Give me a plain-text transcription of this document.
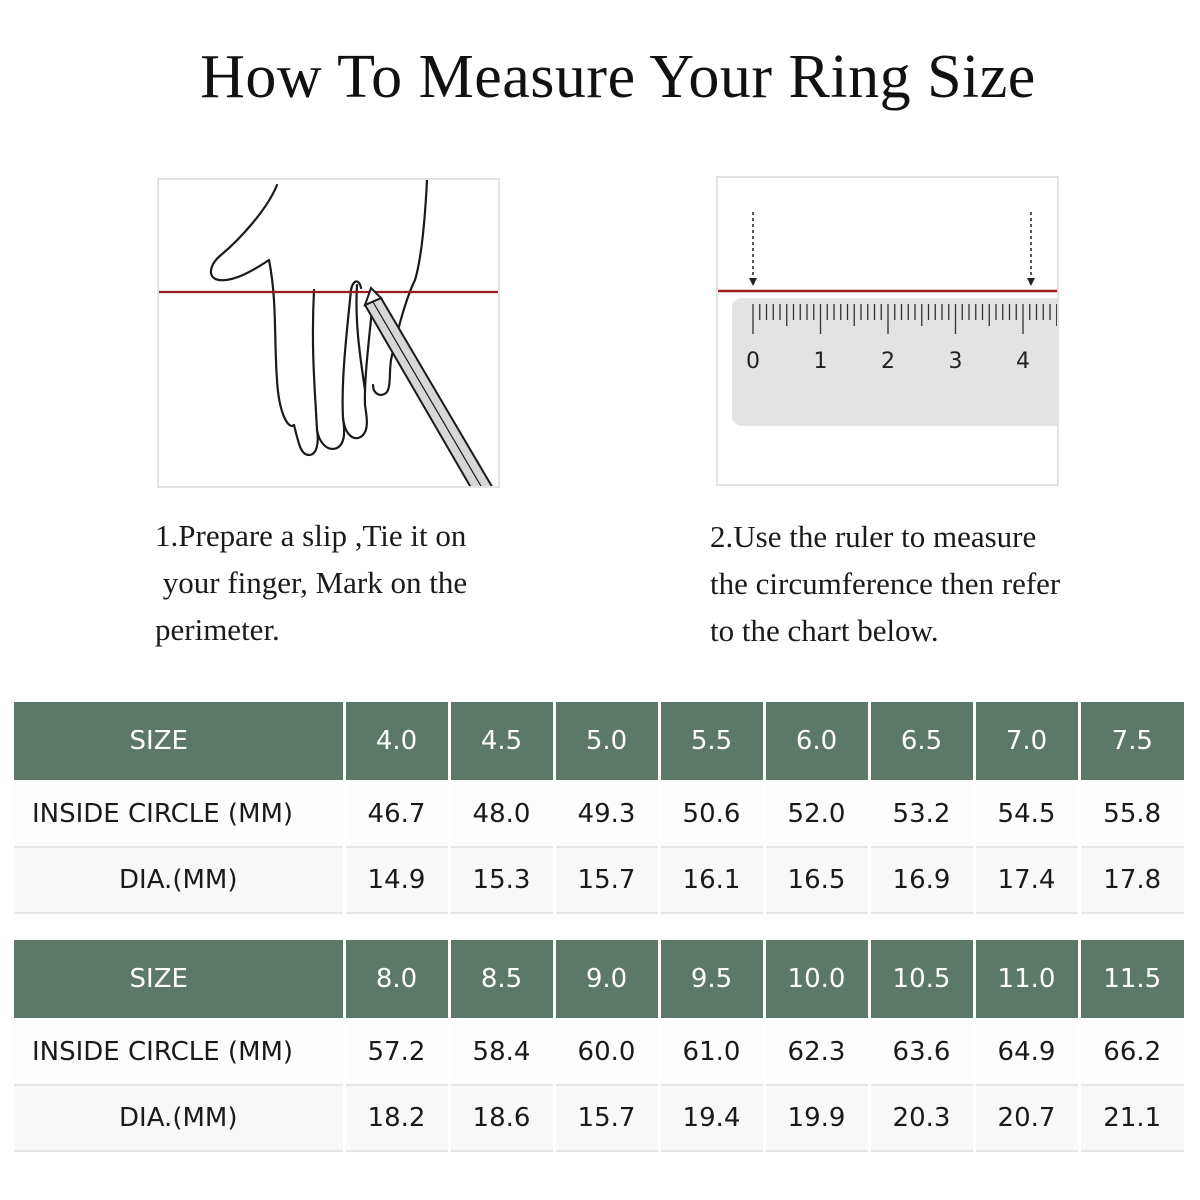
How To Measure Your Ring Size
0 1 2 3 4
1.Prepare a slip ,Tie it on
your finger, Mark on the
perimeter.
2.Use the ruler to measure
the circumference then refer
to the chart below.
SIZE	4.0	4.5	5.0	5.5	6.0	6.5	7.0	7.5
INSIDE CIRCLE (MM)	46.7	48.0	49.3	50.6	52.0	53.2	54.5	55.8
DIA.(MM)	14.9	15.3	15.7	16.1	16.5	16.9	17.4	17.8
SIZE	8.0	8.5	9.0	9.5	10.0	10.5	11.0	11.5
INSIDE CIRCLE (MM)	57.2	58.4	60.0	61.0	62.3	63.6	64.9	66.2
DIA.(MM)	18.2	18.6	15.7	19.4	19.9	20.3	20.7	21.1
